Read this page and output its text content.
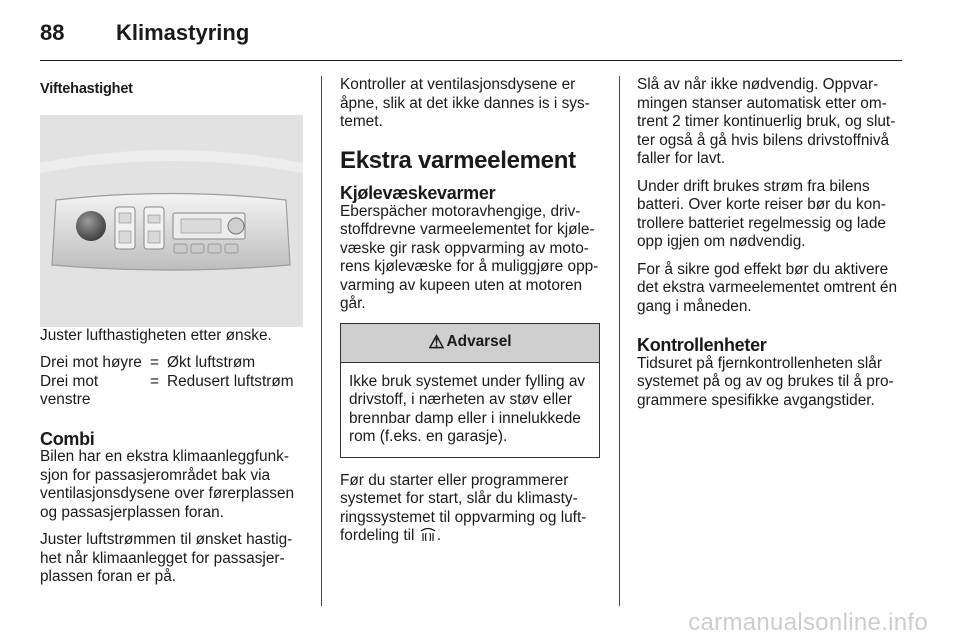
88 Klimastyring
Viftehastighet

Juster lufthastigheten etter ønske.

Drei mot høyre = Økt luftstrøm
Drei mot venstre
= Redusert luftstrøm
Combi

Bilen har en ekstra klimaanleggfunk-sjon for passasjerområdet bak via ventilasjonsdysene over førerplassen og passasjerplassen foran.

Juster luftstrømmen til ønsket hastig-het når klimaanlegget for passasjer-plassen foran er på.

Kontroller at ventilasjonsdysene er åpne, slik at det ikke dannes is i sys-temet.

Ekstra varmeelement
Kjølevæskevarmer

Eberspächer motoravhengige, driv-stoffdrevne varmeelementet for kjøle-væske gir rask oppvarming av moto-rens kjølevæske for å muliggjøre opp-varming av kupeen uten at motoren går.

⚠ Advarsel
Ikke bruk systemet under fylling av drivstoff, i nærheten av støv eller brennbar damp eller i innelukkede rom (f.eks. en garasje).

Før du starter eller programmerer systemet for start, slår du klimasty-ringssystemet til oppvarming og luft-fordeling til .

Slå av når ikke nødvendig. Oppvar-mingen stanser automatisk etter om-trent 2 timer kontinuerlig bruk, og slut-ter også å gå hvis bilens drivstoffnivå faller for lavt.

Under drift brukes strøm fra bilens batteri. Over korte reiser bør du kon-trollere batteriet regelmessig og lade opp igjen om nødvendig.

For å sikre god effekt bør du aktivere det ekstra varmeelementet omtrent én gang i måneden.

Kontrollenheter

Tidsuret på fjernkontrollenheten slår systemet på og av og brukes til å pro-grammere spesifikke avgangstider.

carmanualsonline.info
